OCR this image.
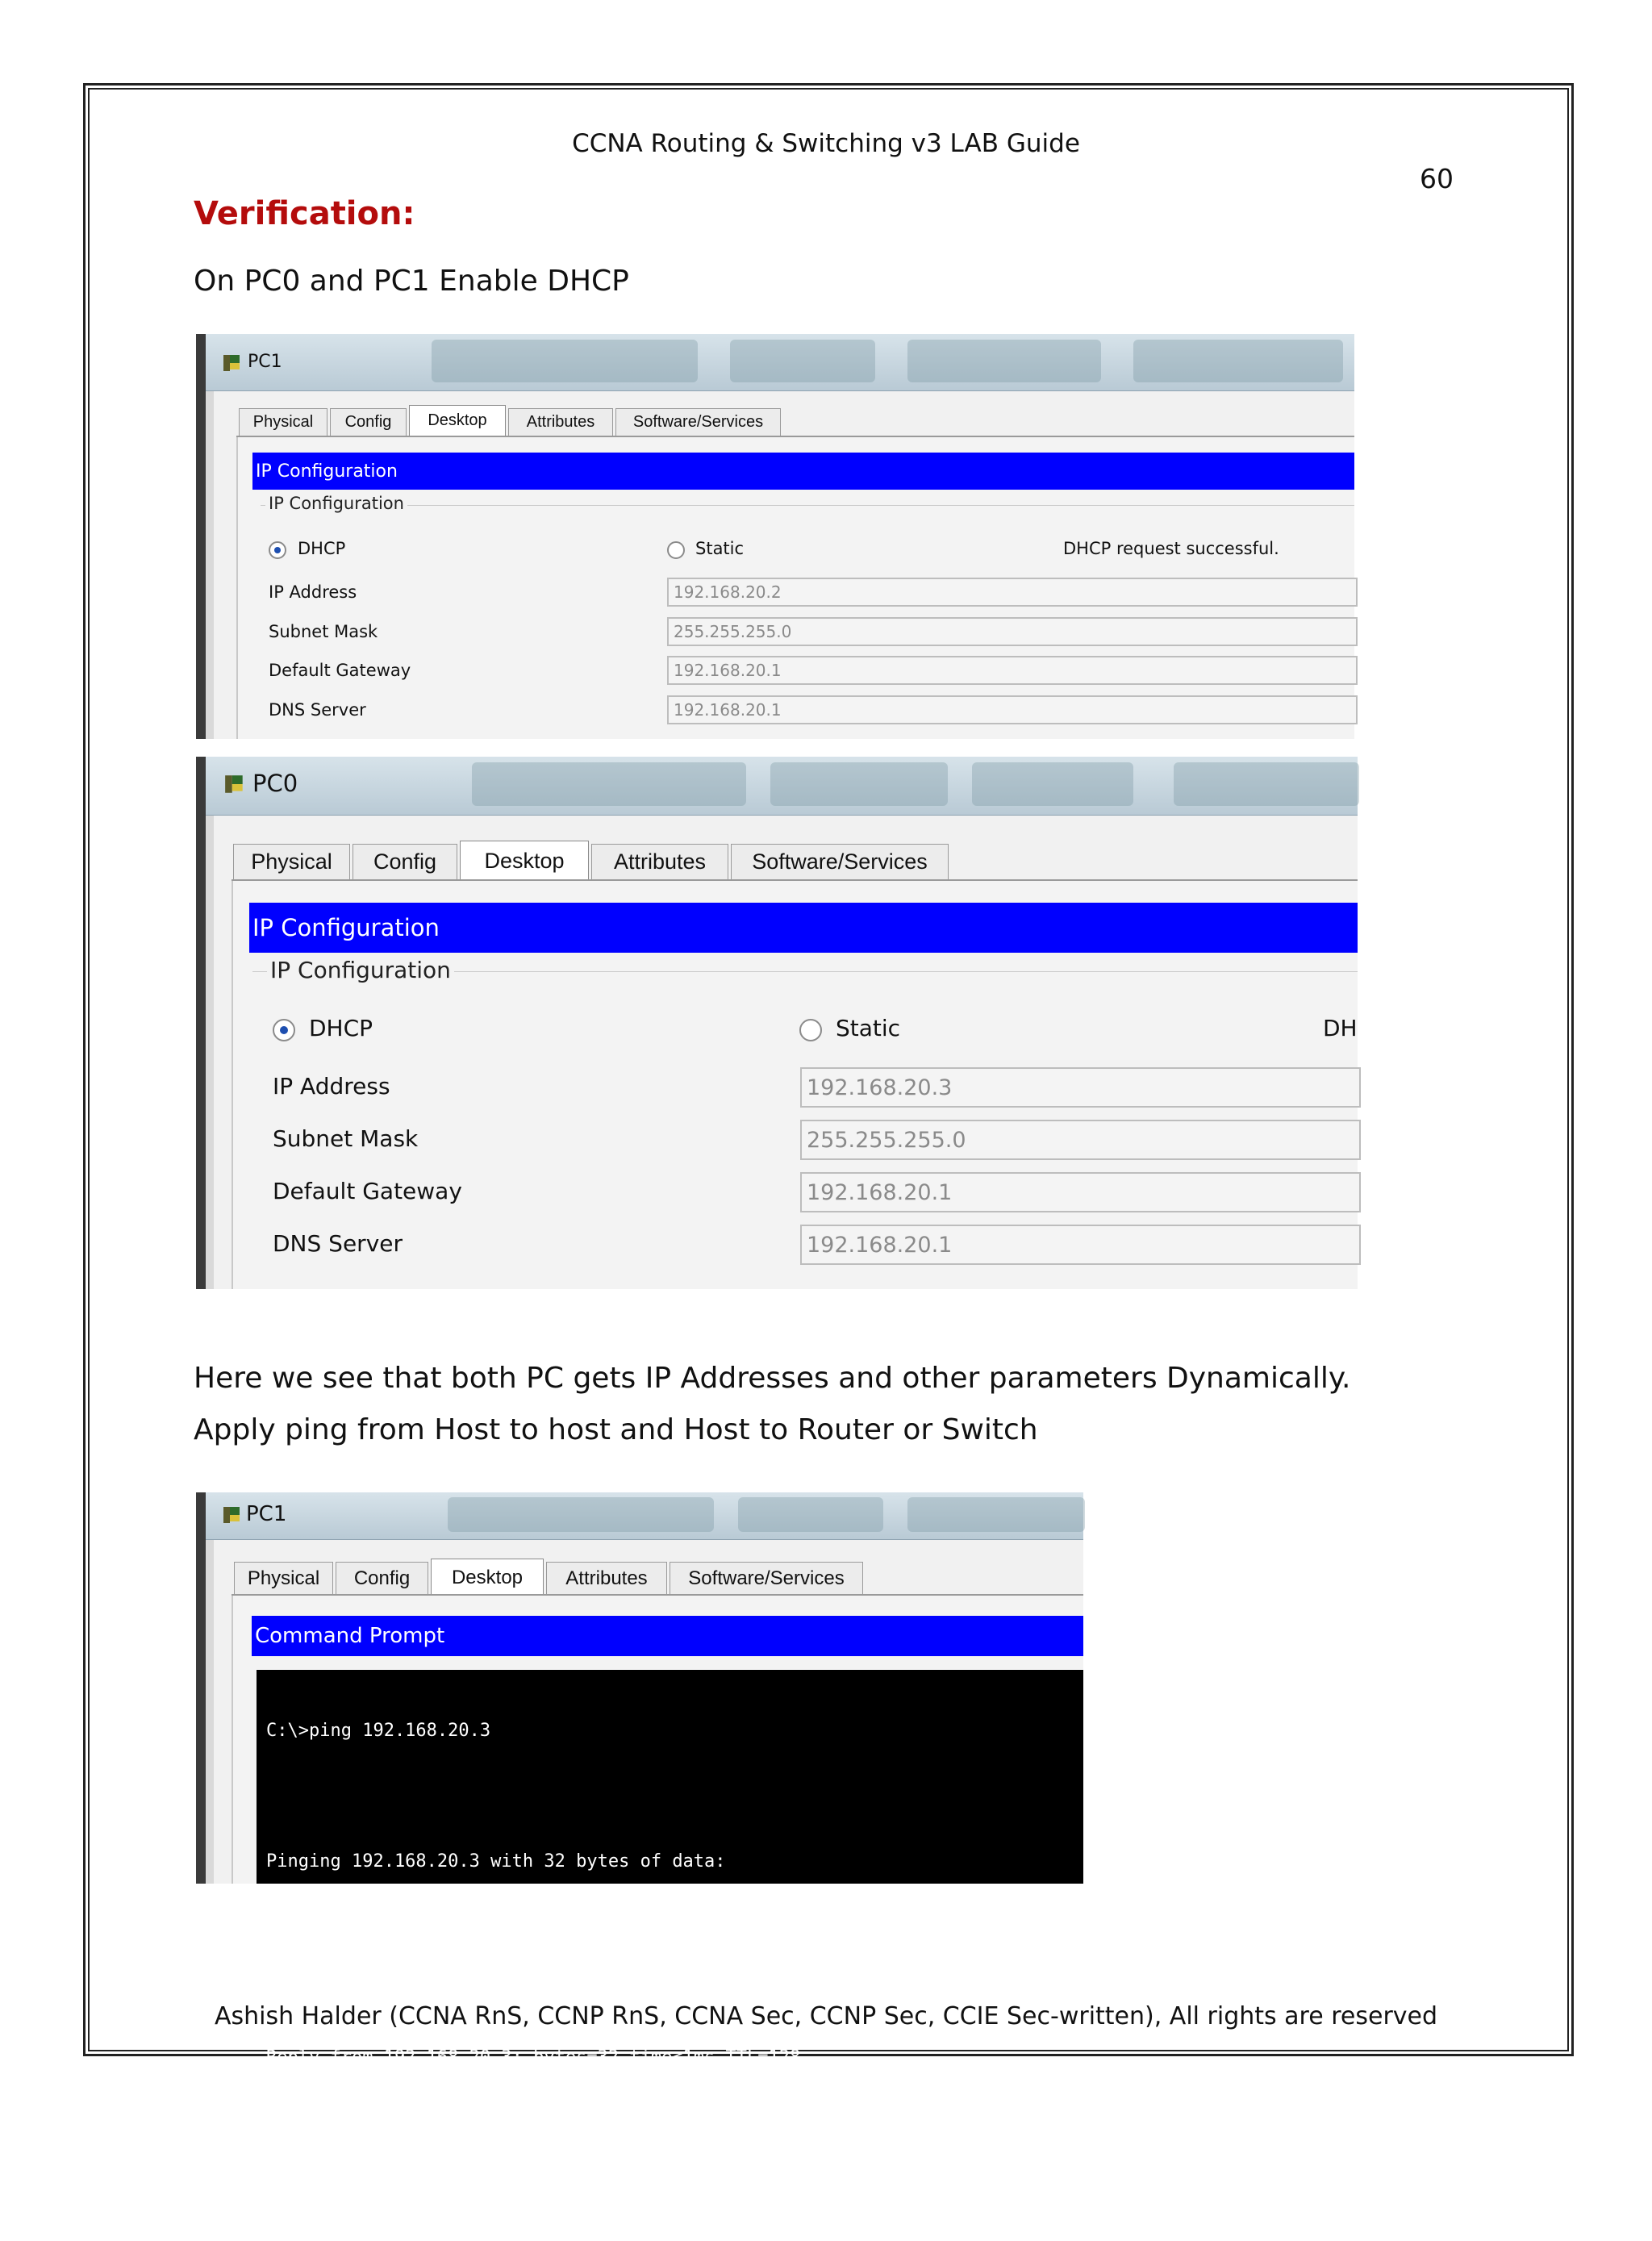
CCNA Routing & Switching v3 LAB Guide
60
Verification:
On PC0 and PC1 Enable DHCP
PC1
Physical	Config	Desktop	Attributes	Software/Services
IP Configuration
IP Configuration
DHCP	Static	DHCP request successful.
IP Address	192.168.20.2
Subnet Mask	255.255.255.0
Default Gateway	192.168.20.1
DNS Server	192.168.20.1
PC0
Physical	Config	Desktop	Attributes	Software/Services
IP Configuration
IP Configuration
DHCP	Static	DH
IP Address	192.168.20.3
Subnet Mask	255.255.255.0
Default Gateway	192.168.20.1
DNS Server	192.168.20.1
Here we see that both PC gets IP Addresses and other parameters Dynamically.
Apply ping from Host to host and Host to Router or Switch
PC1
Physical	Config	Desktop	Attributes	Software/Services
Command Prompt

C:\>ping 192.168.20.3

Pinging 192.168.20.3 with 32 bytes of data:

Reply from 192.168.20.3: bytes=32 time=1ms TTL=128

Reply from 192.168.20.3: bytes=32 time<1ms TTL=128

Reply from 192.168.20.3: bytes=32 time<1ms TTL=128

Reply from 192.168.20.3: bytes=32 time<1ms TTL=128

Ashish Halder (CCNA RnS, CCNP RnS, CCNA Sec, CCNP Sec, CCIE Sec-written), All rights are reserved
